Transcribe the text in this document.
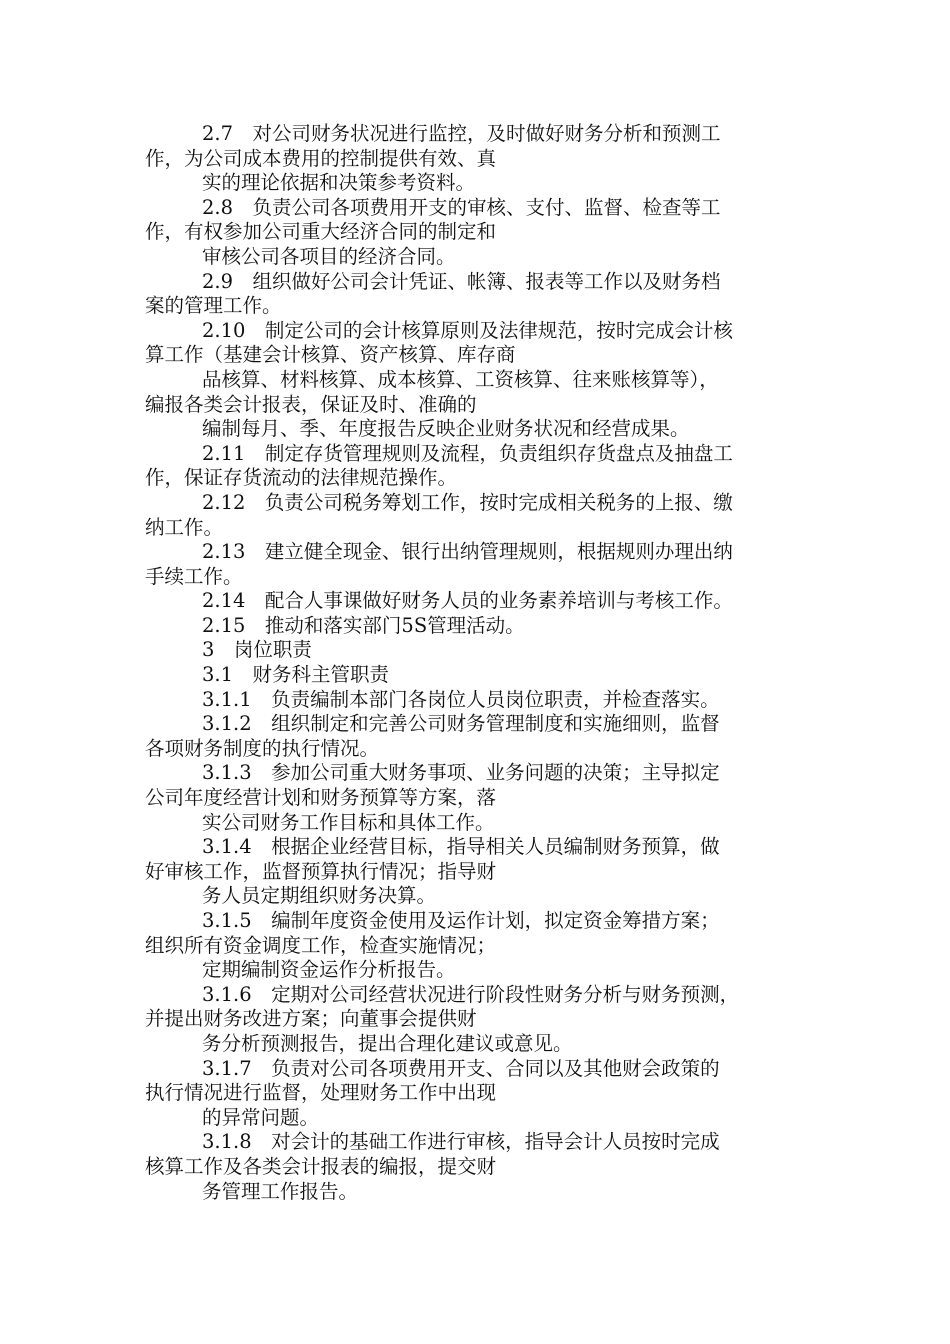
2.7　对公司财务状况进行监控，及时做好财务分析和预测工
作，为公司成本费用的控制提供有效、真
实的理论依据和决策参考资料。
2.8　负责公司各项费用开支的审核、支付、监督、检查等工
作，有权参加公司重大经济合同的制定和
审核公司各项目的经济合同。
2.9　组织做好公司会计凭证、帐簿、报表等工作以及财务档
案的管理工作。
2.10　制定公司的会计核算原则及法律规范，按时完成会计核
算工作（基建会计核算、资产核算、库存商
品核算、材料核算、成本核算、工资核算、往来账核算等），
编报各类会计报表，保证及时、准确的
编制每月、季、年度报告反映企业财务状况和经营成果。
2.11　制定存货管理规则及流程，负责组织存货盘点及抽盘工
作，保证存货流动的法律规范操作。
2.12　负责公司税务筹划工作，按时完成相关税务的上报、缴
纳工作。
2.13　建立健全现金、银行出纳管理规则，根据规则办理出纳
手续工作。
2.14　配合人事课做好财务人员的业务素养培训与考核工作。
2.15　推动和落实部门5S管理活动。
3　岗位职责
3.1　财务科主管职责
3.1.1　负责编制本部门各岗位人员岗位职责，并检查落实。
3.1.2　组织制定和完善公司财务管理制度和实施细则，监督
各项财务制度的执行情况。
3.1.3　参加公司重大财务事项、业务问题的决策；主导拟定
公司年度经营计划和财务预算等方案，落
实公司财务工作目标和具体工作。
3.1.4　根据企业经营目标，指导相关人员编制财务预算，做
好审核工作，监督预算执行情况；指导财
务人员定期组织财务决算。
3.1.5　编制年度资金使用及运作计划，拟定资金筹措方案；
组织所有资金调度工作，检查实施情况；
定期编制资金运作分析报告。
3.1.6　定期对公司经营状况进行阶段性财务分析与财务预测，
并提出财务改进方案；向董事会提供财
务分析预测报告，提出合理化建议或意见。
3.1.7　负责对公司各项费用开支、合同以及其他财会政策的
执行情况进行监督，处理财务工作中出现
的异常问题。
3.1.8　对会计的基础工作进行审核，指导会计人员按时完成
核算工作及各类会计报表的编报，提交财
务管理工作报告。
